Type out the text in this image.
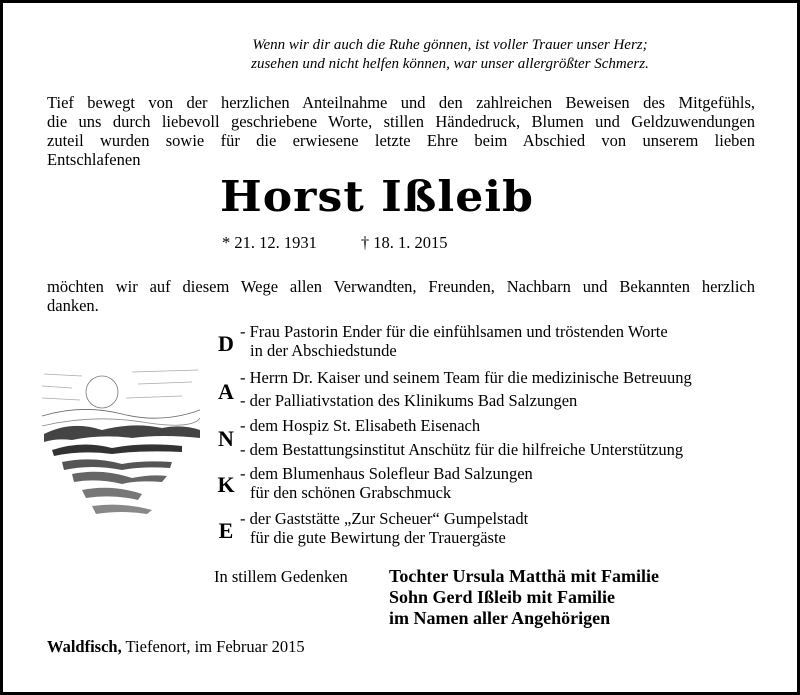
Wenn wir dir auch die Ruhe gönnen, ist voller Trauer unser Herz;
zusehen und nicht helfen können, war unser allergrößter Schmerz.
Tief bewegt von der herzlichen Anteilnahme und den zahlreichen Beweisen des Mitgefühls,
die uns durch liebevoll geschriebene Worte, stillen Händedruck, Blumen und Geldzuwendungen
zuteil wurden sowie für die erwiesene letzte Ehre beim Abschied von unserem lieben
Entschlafenen
Horst Ißleib
* 21. 12. 1931	† 18. 1. 2015
möchten wir auf diesem Wege allen Verwandten, Freunden, Nachbarn und Bekannten herzlich
danken.
D
A
N
K
E
- Frau Pastorin Ender für die einfühlsamen und tröstenden Worte
in der Abschiedstunde
- Herrn Dr. Kaiser und seinem Team für die medizinische Betreuung
- der Palliativstation des Klinikums Bad Salzungen
- dem Hospiz St. Elisabeth Eisenach
- dem Bestattungsinstitut Anschütz für die hilfreiche Unterstützung
- dem Blumenhaus Solefleur Bad Salzungen
für den schönen Grabschmuck
- der Gaststätte „Zur Scheuer“ Gumpelstadt
für die gute Bewirtung der Trauergäste
In stillem Gedenken Tochter Ursula Matthä mit Familie
Sohn Gerd Ißleib mit Familie
im Namen aller Angehörigen
Waldfisch, Tiefenort, im Februar 2015
